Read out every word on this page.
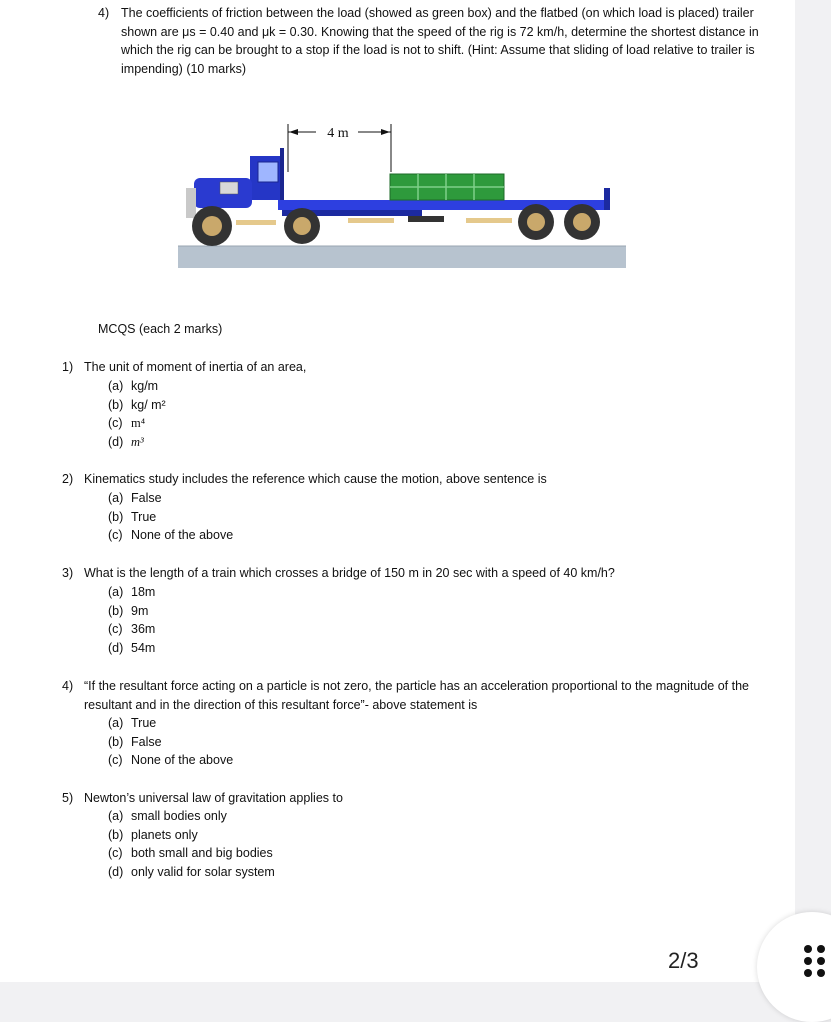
4) The coefficients of friction between the load (showed as green box) and the flatbed (on which load is placed) trailer shown are μs = 0.40 and μk = 0.30. Knowing that the speed of the rig is 72 km/h, determine the shortest distance in which the rig can be brought to a stop if the load is not to shift. (Hint: Assume that sliding of load relative to trailer is impending) (10 marks)
4 m
MCQS (each 2 marks)
1) The unit of moment of inertia of an area,
(a) kg/m
(b) kg/ m²
(c) m⁴
(d) m³
2) Kinematics study includes the reference which cause the motion, above sentence is
(a) False
(b) True
(c) None of the above
3) What is the length of a train which crosses a bridge of 150 m in 20 sec with a speed of 40 km/h?
(a) 18m
(b) 9m
(c) 36m
(d) 54m
4) “If the resultant force acting on a particle is not zero, the particle has an acceleration proportional to the magnitude of the resultant and in the direction of this resultant force”- above statement is
(a) True
(b) False
(c) None of the above
5) Newton’s universal law of gravitation applies to
(a) small bodies only
(b) planets only
(c) both small and big bodies
(d) only valid for solar system
2/3
